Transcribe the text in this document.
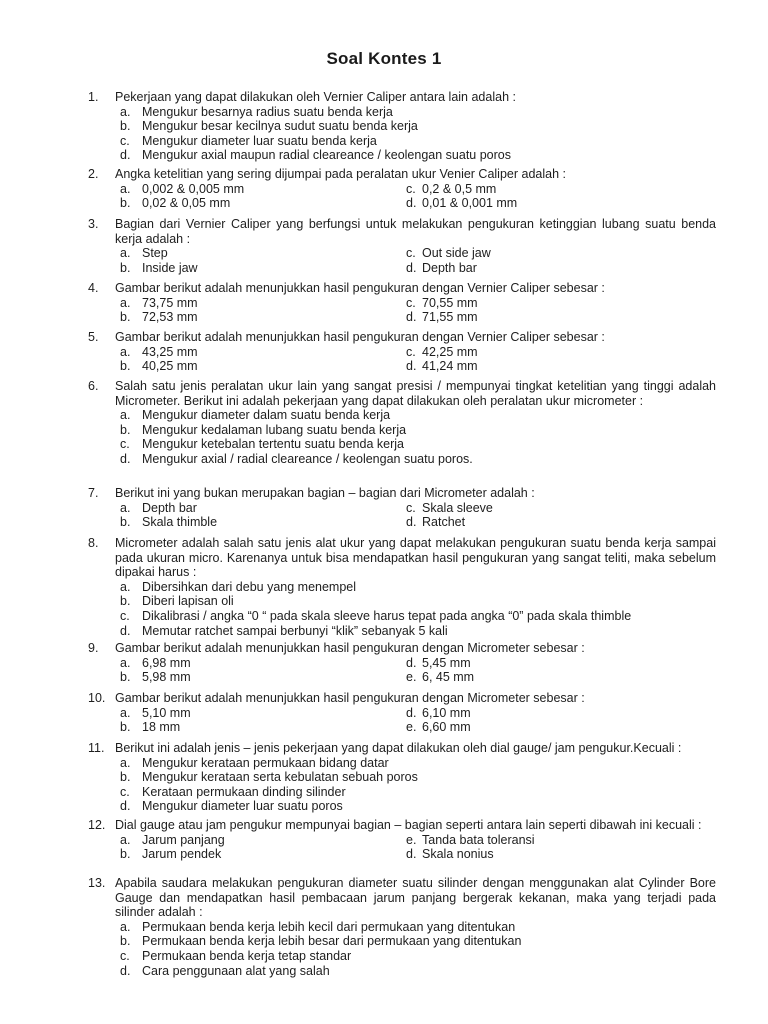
Soal Kontes 1
1.	Pekerjaan yang dapat dilakukan oleh Vernier Caliper antara lain adalah :
a. Mengukur besarnya radius suatu benda kerja
b. Mengukur besar kecilnya sudut suatu benda kerja
c. Mengukur diameter luar suatu benda kerja
d. Mengukur axial maupun radial cleareance / keolengan suatu poros
2.	Angka ketelitian yang sering dijumpai pada peralatan ukur Venier Caliper adalah :
a. 0,002 & 0,005 mm	c. 0,2 & 0,5 mm
b. 0,02 & 0,05 mm	d. 0,01 & 0,001 mm
3.	Bagian dari Vernier Caliper yang berfungsi untuk melakukan pengukuran ketinggian lubang suatu benda kerja adalah :
a. Step	c. Out side jaw
b. Inside jaw	d. Depth bar
4.	Gambar berikut adalah menunjukkan hasil pengukuran dengan Vernier Caliper sebesar :
a. 73,75 mm	c. 70,55 mm
b. 72,53 mm	d. 71,55 mm
5.	Gambar berikut adalah menunjukkan hasil pengukuran dengan Vernier Caliper sebesar :
a. 43,25 mm	c. 42,25 mm
b. 40,25 mm	d. 41,24 mm
6.	Salah satu jenis peralatan ukur lain yang sangat presisi / mempunyai tingkat ketelitian yang tinggi adalah Micrometer. Berikut ini adalah pekerjaan yang dapat dilakukan oleh peralatan ukur micrometer :
a. Mengukur diameter dalam suatu benda kerja
b. Mengukur kedalaman lubang suatu benda kerja
c. Mengukur ketebalan tertentu suatu benda kerja
d. Mengukur axial / radial cleareance / keolengan suatu poros.
7.	Berikut ini yang bukan merupakan bagian – bagian dari Micrometer adalah :
a. Depth bar	c. Skala sleeve
b. Skala thimble	d. Ratchet
8.	Micrometer adalah salah satu jenis alat ukur yang dapat melakukan pengukuran suatu benda kerja sampai pada ukuran micro. Karenanya untuk bisa mendapatkan hasil pengukuran yang sangat teliti, maka sebelum dipakai harus :
a. Dibersihkan dari debu yang menempel
b. Diberi lapisan oli
c. Dikalibrasi / angka “0 “ pada skala sleeve harus tepat pada angka “0” pada skala thimble
d. Memutar ratchet sampai berbunyi “klik” sebanyak 5 kali
9.	Gambar berikut adalah menunjukkan hasil pengukuran dengan Micrometer sebesar :
a. 6,98 mm	d. 5,45 mm
b. 5,98 mm	e. 6, 45 mm
10. Gambar berikut adalah menunjukkan hasil pengukuran dengan Micrometer sebesar :
a. 5,10 mm	d. 6,10 mm
b. 18 mm	e. 6,60 mm
11. Berikut ini adalah jenis – jenis pekerjaan yang dapat dilakukan oleh dial gauge/ jam pengukur.Kecuali :
a. Mengukur kerataan permukaan bidang datar
b. Mengukur kerataan serta kebulatan sebuah poros
c. Kerataan permukaan dinding silinder
d. Mengukur diameter luar suatu poros
12. Dial gauge atau jam pengukur mempunyai bagian – bagian seperti antara lain seperti dibawah ini kecuali :
a. Jarum panjang	e. Tanda bata toleransi
b. Jarum pendek	d. Skala nonius
13. Apabila saudara melakukan pengukuran diameter suatu silinder dengan menggunakan alat Cylinder Bore Gauge dan mendapatkan hasil pembacaan jarum panjang bergerak kekanan, maka yang terjadi pada silinder adalah :
a. Permukaan benda kerja lebih kecil dari permukaan yang ditentukan
b. Permukaan benda kerja lebih besar dari permukaan yang ditentukan
c. Permukaan benda kerja tetap standar
d. Cara penggunaan alat yang salah
